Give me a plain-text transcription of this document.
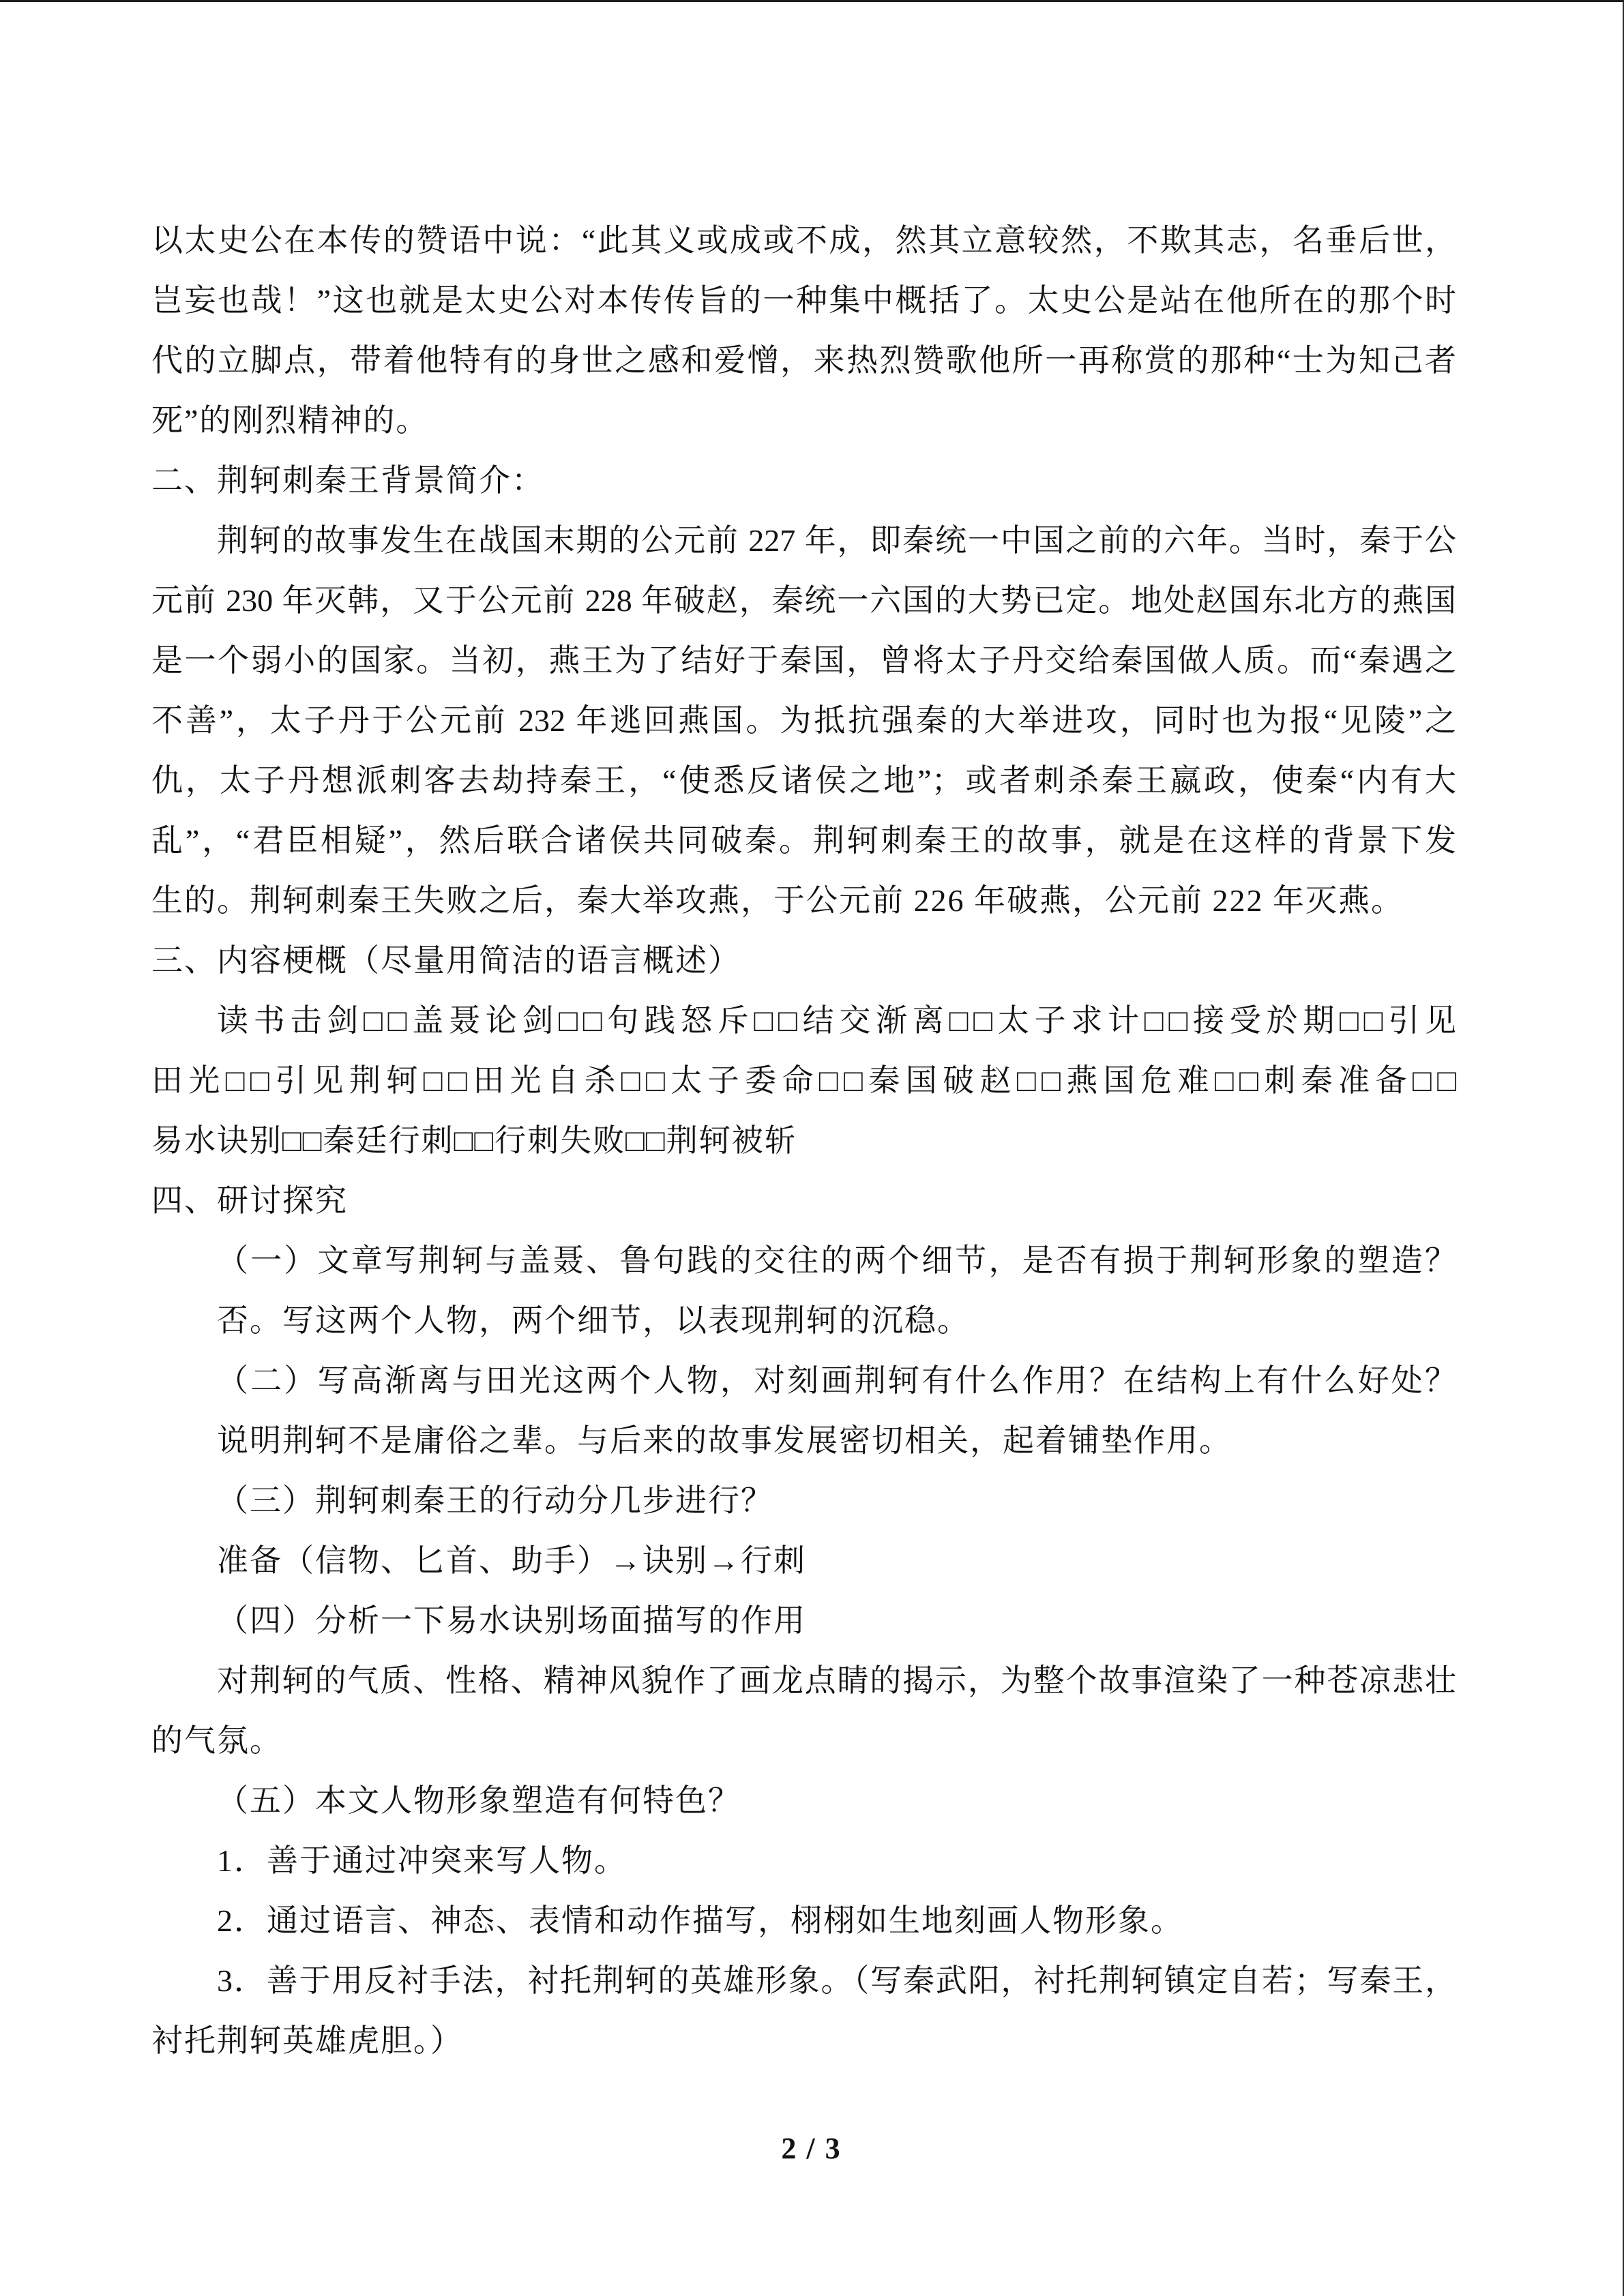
以太史公在本传的赞语中说：“此其义或成或不成，然其立意较然，不欺其志，名垂后世，
岂妄也哉！”这也就是太史公对本传传旨的一种集中概括了。太史公是站在他所在的那个时
代的立脚点，带着他特有的身世之感和爱憎，来热烈赞歌他所一再称赏的那种“士为知己者
死”的刚烈精神的。
二、荆轲刺秦王背景简介：
荆轲的故事发生在战国末期的公元前 227 年，即秦统一中国之前的六年。当时，秦于公
元前 230 年灭韩，又于公元前 228 年破赵，秦统一六国的大势已定。地处赵国东北方的燕国
是一个弱小的国家。当初，燕王为了结好于秦国，曾将太子丹交给秦国做人质。而“秦遇之
不善”，太子丹于公元前 232 年逃回燕国。为抵抗强秦的大举进攻，同时也为报“见陵”之
仇，太子丹想派刺客去劫持秦王，“使悉反诸侯之地”；或者刺杀秦王嬴政，使秦“内有大
乱”，“君臣相疑”，然后联合诸侯共同破秦。荆轲刺秦王的故事，就是在这样的背景下发
生的。荆轲刺秦王失败之后，秦大举攻燕，于公元前 226 年破燕，公元前 222 年灭燕。
三、内容梗概（尽量用简洁的语言概述）
读书击剑□□盖聂论剑□□句践怒斥□□结交渐离□□太子求计□□接受於期□□引见
田光□□引见荆轲□□田光自杀□□太子委命□□秦国破赵□□燕国危难□□刺秦准备□□
易水诀别□□秦廷行刺□□行刺失败□□荆轲被斩
四、研讨探究
（一）文章写荆轲与盖聂、鲁句践的交往的两个细节，是否有损于荆轲形象的塑造？
否。写这两个人物，两个细节，以表现荆轲的沉稳。
（二）写高渐离与田光这两个人物，对刻画荆轲有什么作用？在结构上有什么好处？
说明荆轲不是庸俗之辈。与后来的故事发展密切相关，起着铺垫作用。
（三）荆轲刺秦王的行动分几步进行？
准备（信物、匕首、助手）→诀别→行刺
（四）分析一下易水诀别场面描写的作用
对荆轲的气质、性格、精神风貌作了画龙点睛的揭示，为整个故事渲染了一种苍凉悲壮
的气氛。
（五）本文人物形象塑造有何特色？
1．善于通过冲突来写人物。
2．通过语言、神态、表情和动作描写，栩栩如生地刻画人物形象。
3．善于用反衬手法，衬托荆轲的英雄形象。（写秦武阳，衬托荆轲镇定自若；写秦王，
衬托荆轲英雄虎胆。）
2 / 3
